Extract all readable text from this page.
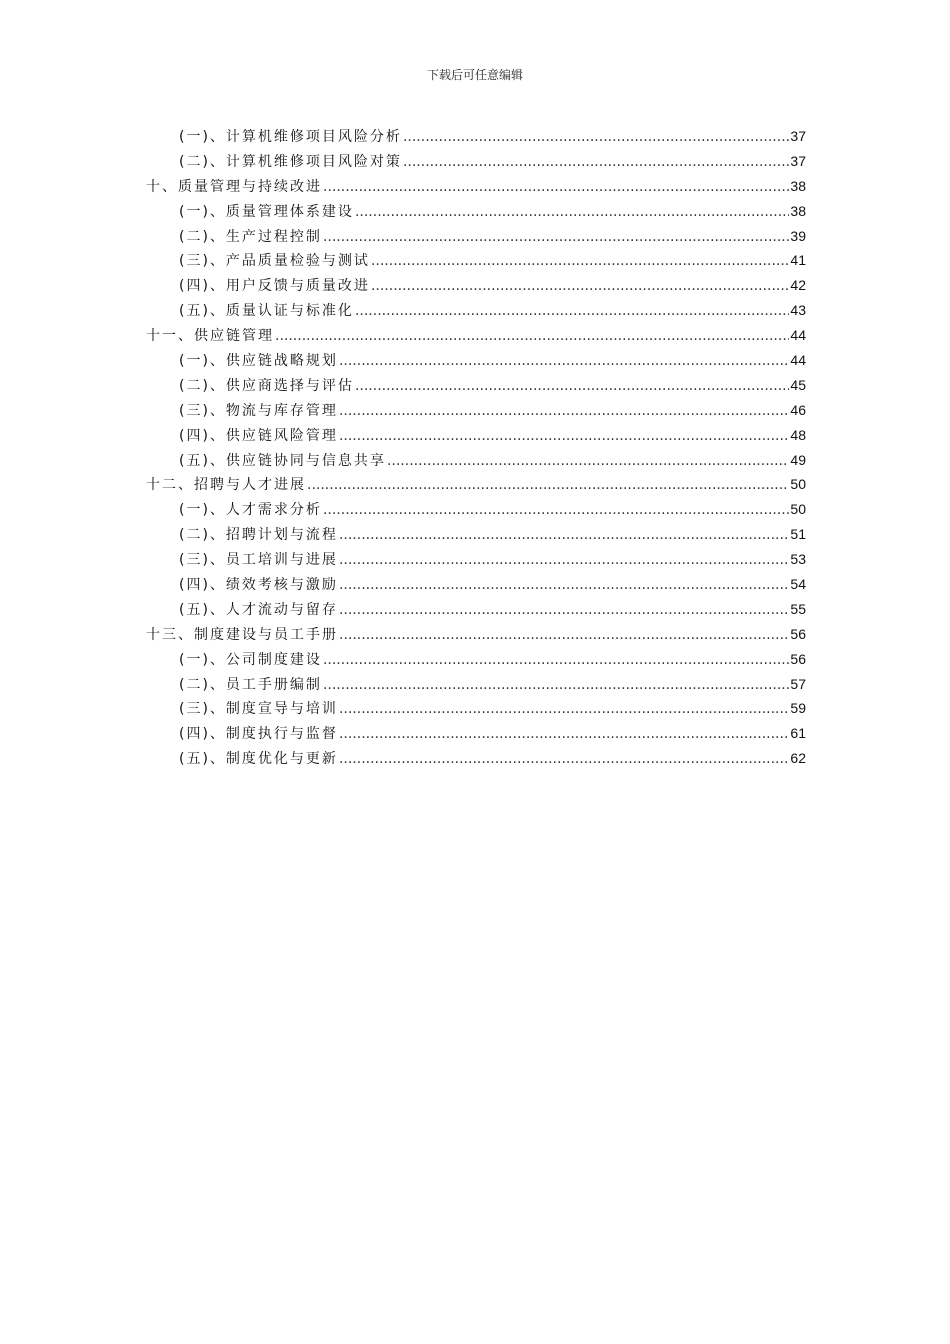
下载后可任意编辑
(一)、计算机维修项目风险分析 .....	37
(二)、计算机维修项目风险对策 .....	37
十、质量管理与持续改进 .....	38
(一)、质量管理体系建设 .....	38
(二)、生产过程控制 .....	39
(三)、产品质量检验与测试 .....	41
(四)、用户反馈与质量改进 .....	42
(五)、质量认证与标准化 .....	43
十一、供应链管理 .....	44
(一)、供应链战略规划 .....	44
(二)、供应商选择与评估 .....	45
(三)、物流与库存管理 .....	46
(四)、供应链风险管理 .....	48
(五)、供应链协同与信息共享 .....	49
十二、招聘与人才进展 .....	50
(一)、人才需求分析 .....	50
(二)、招聘计划与流程 .....	51
(三)、员工培训与进展 .....	53
(四)、绩效考核与激励 .....	54
(五)、人才流动与留存 .....	55
十三、制度建设与员工手册 .....	56
(一)、公司制度建设 .....	56
(二)、员工手册编制 .....	57
(三)、制度宣导与培训 .....	59
(四)、制度执行与监督 .....	61
(五)、制度优化与更新 .....	62
